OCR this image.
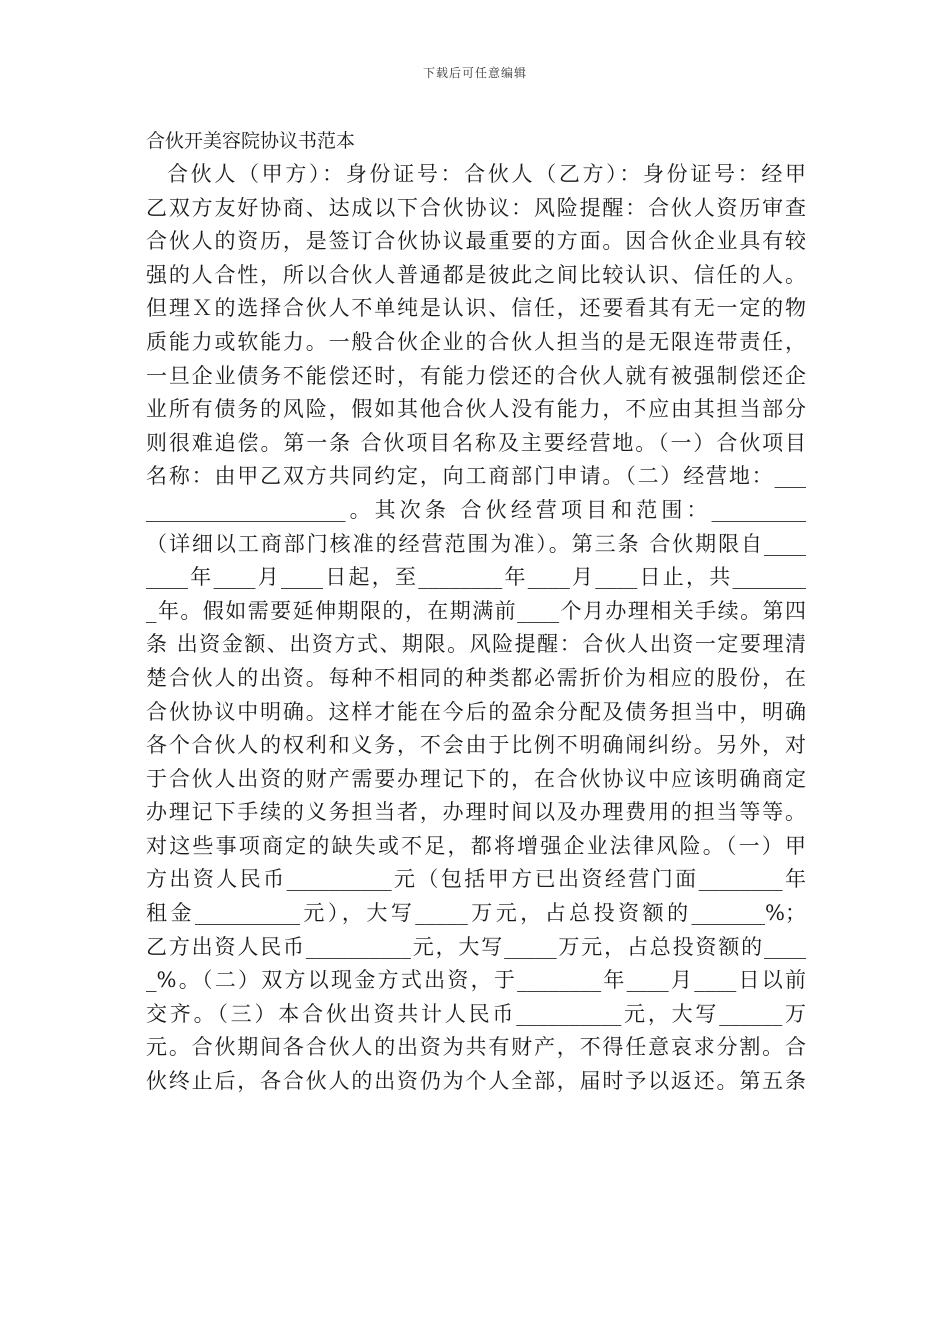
下载后可任意编辑
合伙开美容院协议书范本
合伙人（甲方）：身份证号：合伙人（乙方）：身份证号：经甲
乙双方友好协商、达成以下合伙协议：风险提醒：合伙人资历审查
合伙人的资历，是签订合伙协议最重要的方面。因合伙企业具有较
强的人合性，所以合伙人普通都是彼此之间比较认识、信任的人。
但理Ｘ的选择合伙人不单纯是认识、信任，还要看其有无一定的物
质能力或软能力。一般合伙企业的合伙人担当的是无限连带责任，
一旦企业债务不能偿还时，有能力偿还的合伙人就有被强制偿还企
业所有债务的风险，假如其他合伙人没有能力，不应由其担当部分
则很难追偿。第一条 合伙项目名称及主要经营地。（一）合伙项目
名称：由甲乙双方共同约定，向工商部门申请。（二）经营地：___
___________________。其次条 合伙经营项目和范围：_________
（详细以工商部门核准的经营范围为准）。第三条 合伙期限自____
____年____月____日起，至________年____月____日止，共_______
_年。假如需要延伸期限的，在期满前____个月办理相关手续。第四
条 出资金额、出资方式、期限。风险提醒：合伙人出资一定要理清
楚合伙人的出资。每种不相同的种类都必需折价为相应的股份，在
合伙协议中明确。这样才能在今后的盈余分配及债务担当中，明确
各个合伙人的权利和义务，不会由于比例不明确闹纠纷。另外，对
于合伙人出资的财产需要办理记下的，在合伙协议中应该明确商定
办理记下手续的义务担当者，办理时间以及办理费用的担当等等。
对这些事项商定的缺失或不足，都将增强企业法律风险。（一）甲
方出资人民币__________元（包括甲方已出资经营门面________年
租金__________元），大写_____万元，占总投资额的_______%；
乙方出资人民币__________元，大写_____万元，占总投资额的____
_%。（二）双方以现金方式出资，于________年____月____日以前
交齐。（三）本合伙出资共计人民币__________元，大写______万
元。合伙期间各合伙人的出资为共有财产，不得任意哀求分割。合
伙终止后，各合伙人的出资仍为个人全部，届时予以返还。第五条
